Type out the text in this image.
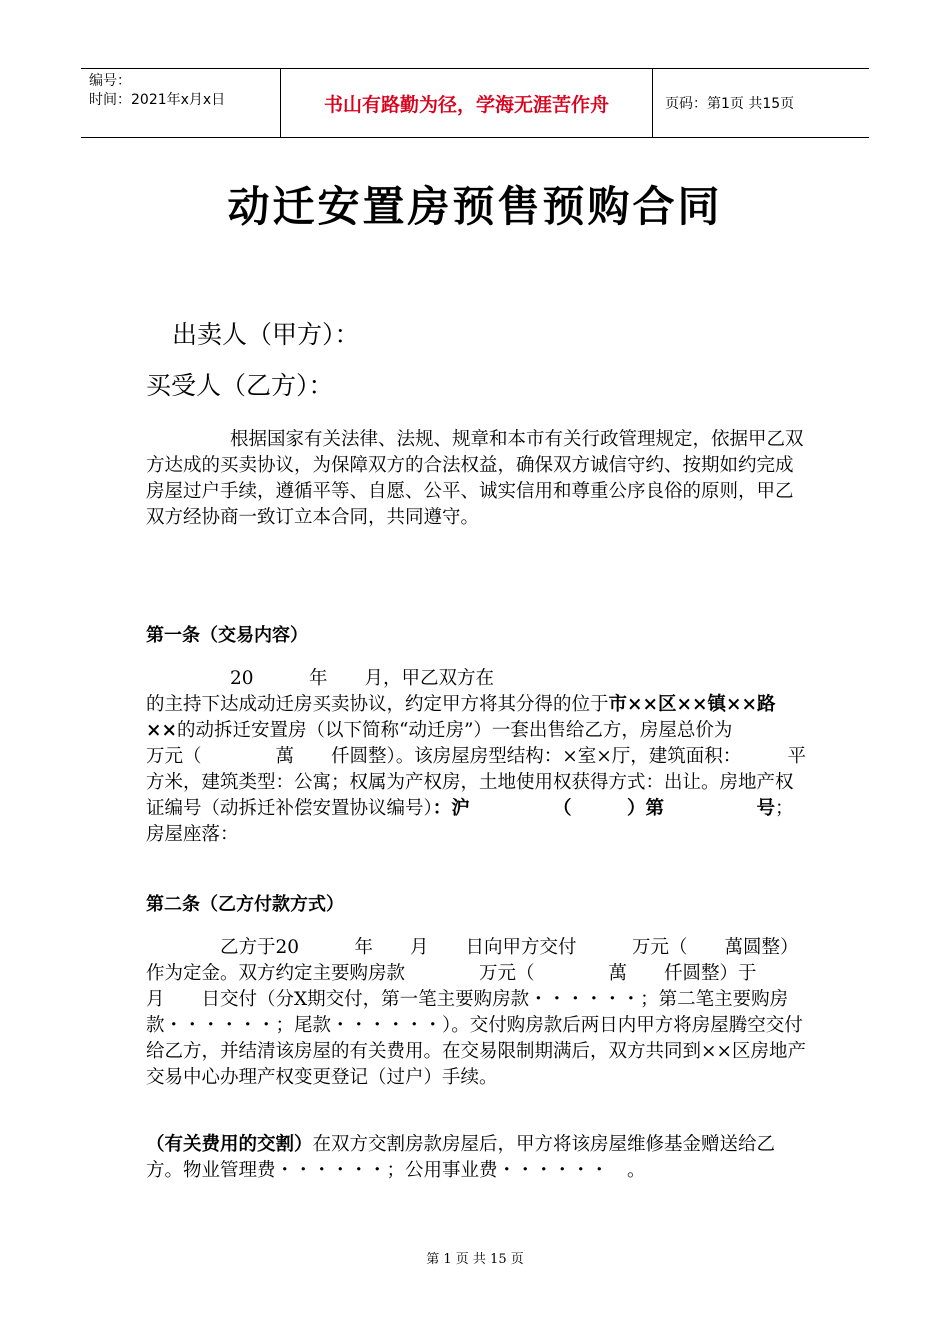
编号：
时间：2021年x月x日	书山有路勤为径，学海无涯苦作舟	页码：第1页 共15页
动迁安置房预售预购合同
出卖人（甲方）：
买受人（乙方）：

根据国家有关法律、法规、规章和本市有关行政管理规定，依据甲乙双方达成的买卖协议，为保障双方的合法权益，确保双方诚信守约、按期如约完成房屋过户手续，遵循平等、自愿、公平、诚实信用和尊重公序良俗的原则，甲乙双方经协商一致订立本合同，共同遵守。

第一条（交易内容）

20　　　年　　月，甲乙双方在

的主持下达成动迁房买卖协议，约定甲方将其分得的位于市××区××镇××路××的动拆迁安置房（以下简称“动迁房”）一套出售给乙方，房屋总价为　　　万元（　　　　萬　　仟圆整）。该房屋房型结构：×室×厅，建筑面积：　　　平方米，建筑类型：公寓；权属为产权房，土地使用权获得方式：出让。房地产权证编号（动拆迁补偿安置协议编号）：沪　　　　　（　　　）第　　　　　号；房屋座落：

第二条（乙方付款方式）

乙方于20　　　年　　月　　日向甲方交付　　　万元（　　萬圆整）作为定金。双方约定主要购房款　　　　万元（　　　　萬　　仟圆整）于　　月　　日交付（分X期交付，第一笔主要购房款・・・・・・；第二笔主要购房款・・・・・・；尾款・・・・・・）。交付购房款后两日内甲方将房屋腾空交付给乙方，并结清该房屋的有关费用。在交易限制期满后，双方共同到××区房地产交易中心办理产权变更登记（过户）手续。

（有关费用的交割）在双方交割房款房屋后，甲方将该房屋维修基金赠送给乙方。物业管理费・・・・・・；公用事业费・・・・・・　。

第 1 页 共 15 页
